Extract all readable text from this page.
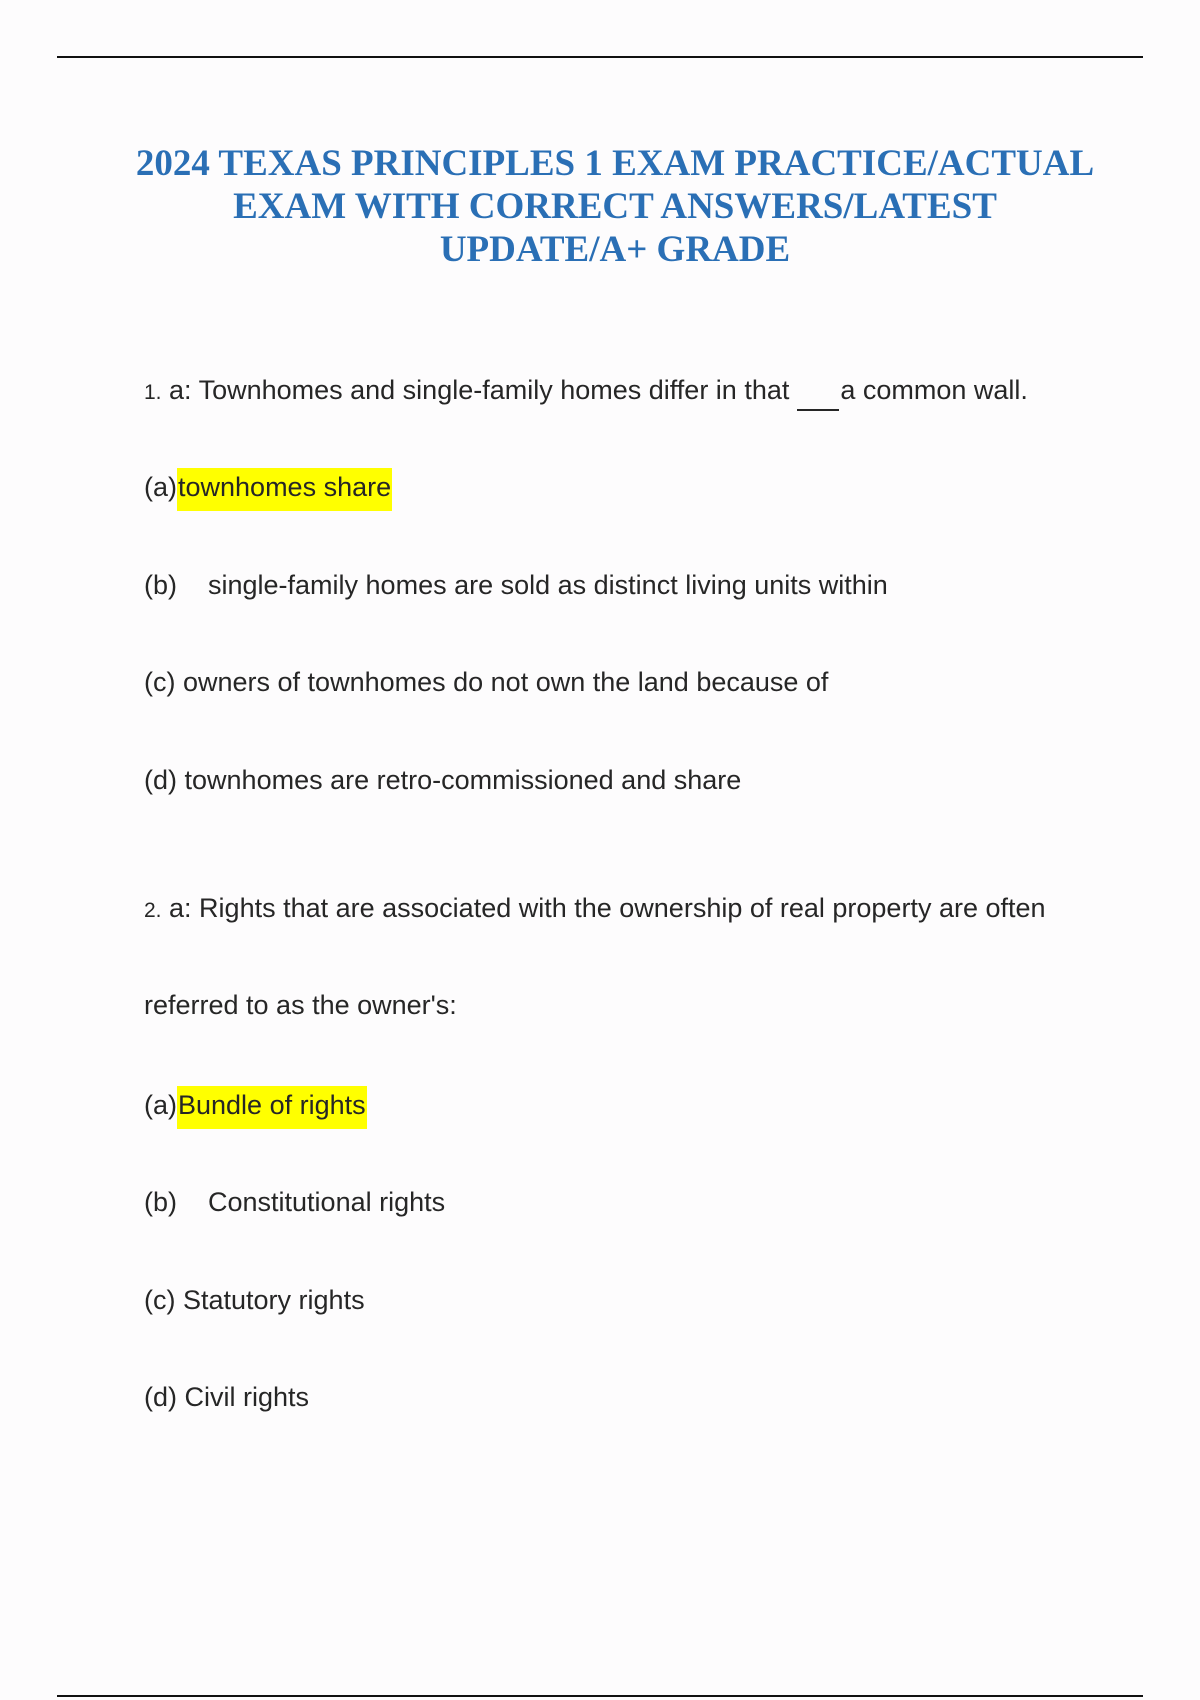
2024 TEXAS PRINCIPLES 1 EXAM PRACTICE/ACTUAL
EXAM WITH CORRECT ANSWERS/LATEST
UPDATE/A+ GRADE
1. a: Townhomes and single-family homes differ in that a common wall.
(a)townhomes share
(b) single-family homes are sold as distinct living units within
(c) owners of townhomes do not own the land because of
(d) townhomes are retro-commissioned and share
2. a: Rights that are associated with the ownership of real property are often
referred to as the owner's:
(a)Bundle of rights
(b) Constitutional rights
(c) Statutory rights
(d) Civil rights
